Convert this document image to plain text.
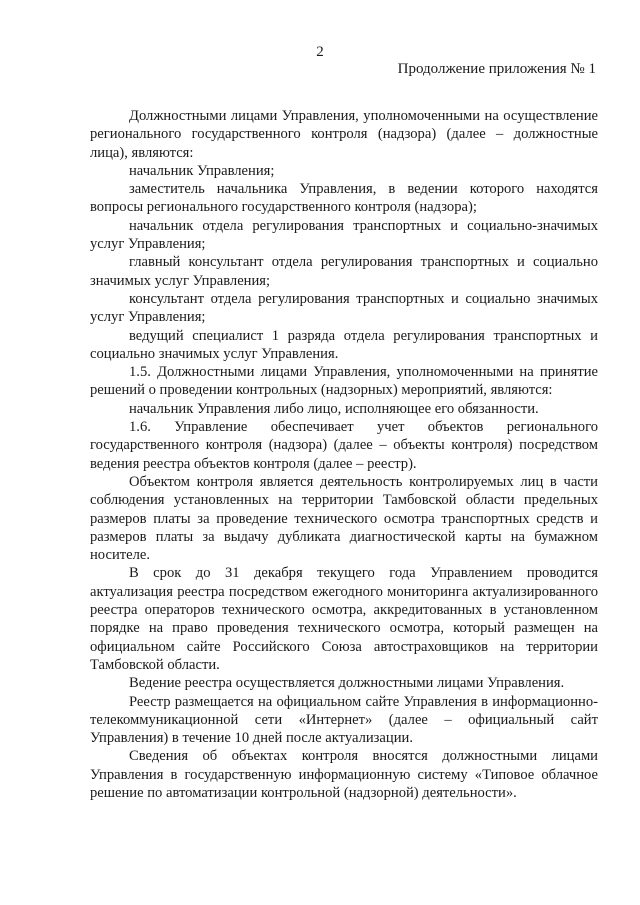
2
Продолжение приложения № 1

Должностными лицами Управления, уполномоченными на осуществление регионального государственного контроля (надзора) (далее – должностные лица), являются:

начальник Управления;

заместитель начальника Управления, в ведении которого находятся вопросы регионального государственного контроля (надзора);

начальник отдела регулирования транспортных и социально-значимых услуг Управления;

главный консультант отдела регулирования транспортных и социально значимых услуг Управления;

консультант отдела регулирования транспортных и социально значимых услуг Управления;

ведущий специалист 1 разряда отдела регулирования транспортных и социально значимых услуг Управления.

1.5. Должностными лицами Управления, уполномоченными на принятие решений о проведении контрольных (надзорных) мероприятий, являются:

начальник Управления либо лицо, исполняющее его обязанности.

1.6. Управление обеспечивает учет объектов регионального государственного контроля (надзора) (далее – объекты контроля) посредством ведения реестра объектов контроля (далее – реестр).

Объектом контроля является деятельность контролируемых лиц в части соблюдения установленных на территории Тамбовской области предельных размеров платы за проведение технического осмотра транспортных средств и размеров платы за выдачу дубликата диагностической карты на бумажном носителе.

В срок до 31 декабря текущего года Управлением проводится актуализация реестра посредством ежегодного мониторинга актуализированного реестра операторов технического осмотра, аккредитованных в установленном порядке на право проведения технического осмотра, который размещен на официальном сайте Российского Союза автостраховщиков на территории Тамбовской области.

Ведение реестра осуществляется должностными лицами Управления.

Реестр размещается на официальном сайте Управления в информационно-телекоммуникационной сети «Интернет» (далее – официальный сайт Управления) в течение 10 дней после актуализации.

Сведения об объектах контроля вносятся должностными лицами Управления в государственную информационную систему «Типовое облачное решение по автоматизации контрольной (надзорной) деятельности».
